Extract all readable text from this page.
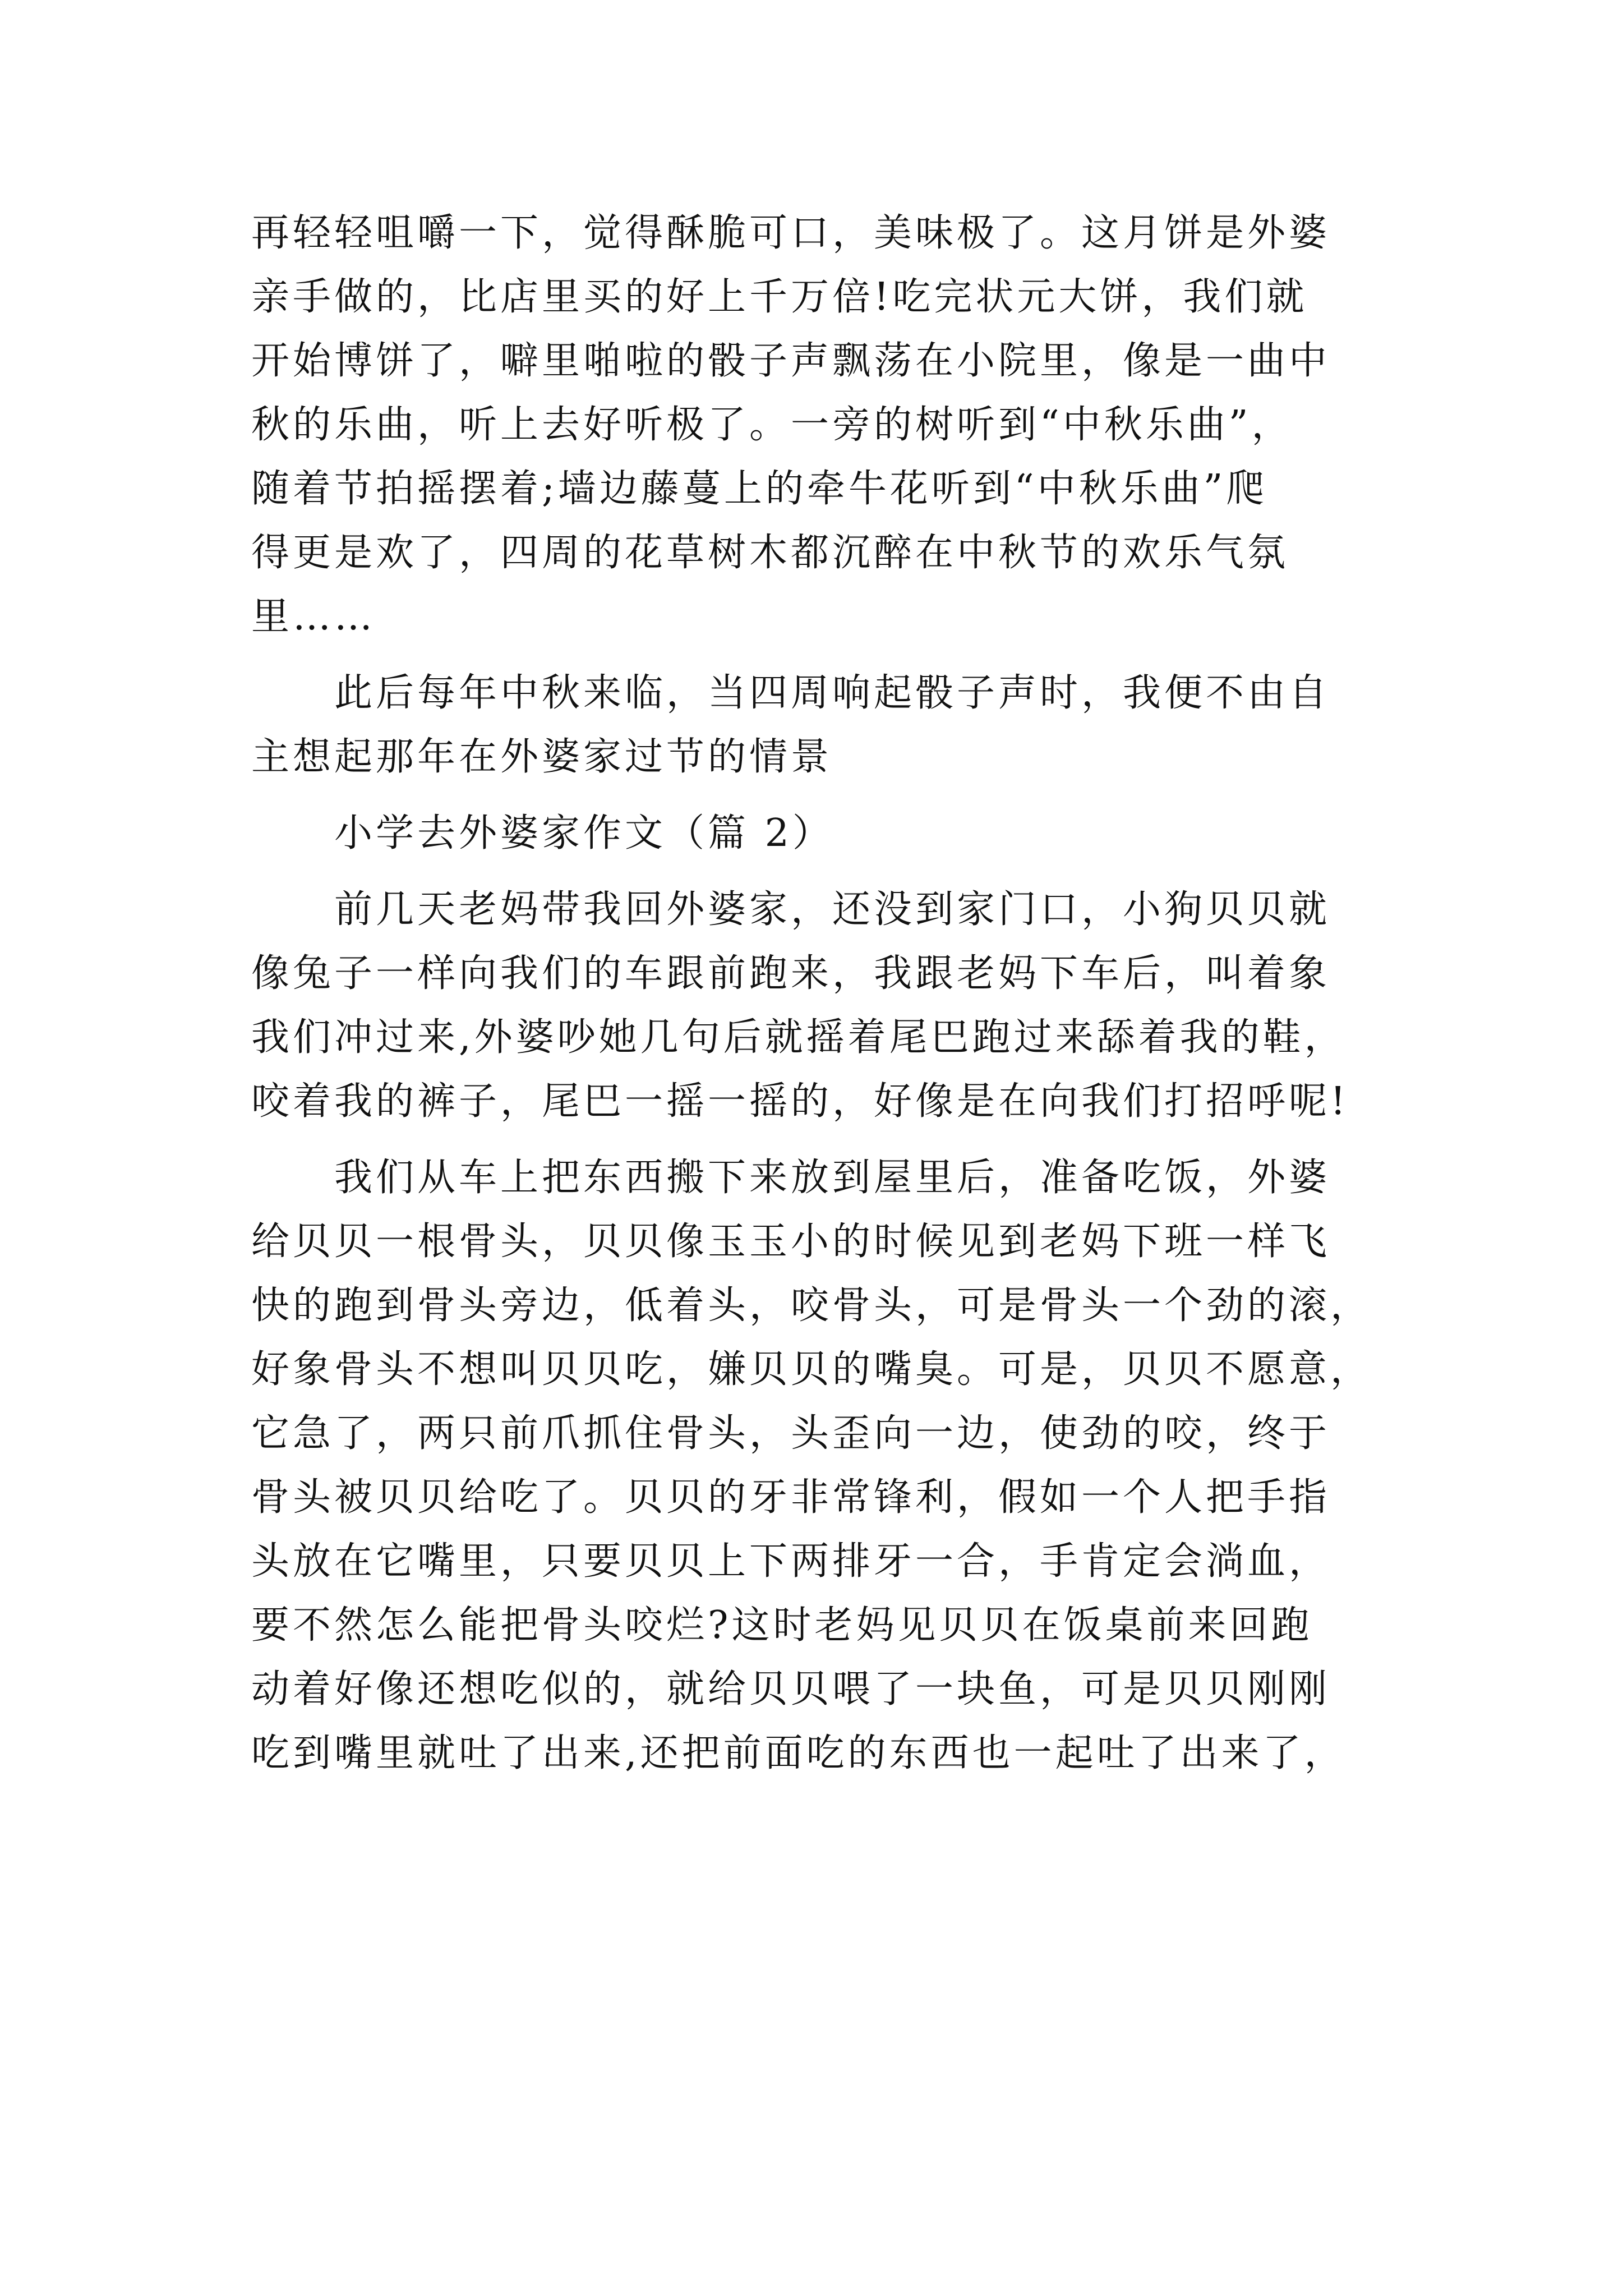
再轻轻咀嚼一下，觉得酥脆可口，美味极了。这月饼是外婆
亲手做的，比店里买的好上千万倍!吃完状元大饼，我们就
开始博饼了，噼里啪啦的骰子声飘荡在小院里，像是一曲中
秋的乐曲，听上去好听极了。一旁的树听到“中秋乐曲”，
随着节拍摇摆着;墙边藤蔓上的牵牛花听到“中秋乐曲”爬
得更是欢了，四周的花草树木都沉醉在中秋节的欢乐气氛
里……
此后每年中秋来临，当四周响起骰子声时，我便不由自
主想起那年在外婆家过节的情景
小学去外婆家作文（篇 2）
前几天老妈带我回外婆家，还没到家门口，小狗贝贝就
像兔子一样向我们的车跟前跑来，我跟老妈下车后，叫着象
我们冲过来,外婆吵她几句后就摇着尾巴跑过来舔着我的鞋，
咬着我的裤子，尾巴一摇一摇的，好像是在向我们打招呼呢!
我们从车上把东西搬下来放到屋里后，准备吃饭，外婆
给贝贝一根骨头，贝贝像玉玉小的时候见到老妈下班一样飞
快的跑到骨头旁边，低着头，咬骨头，可是骨头一个劲的滚，
好象骨头不想叫贝贝吃，嫌贝贝的嘴臭。可是，贝贝不愿意，
它急了，两只前爪抓住骨头，头歪向一边，使劲的咬，终于
骨头被贝贝给吃了。贝贝的牙非常锋利，假如一个人把手指
头放在它嘴里，只要贝贝上下两排牙一合，手肯定会淌血，
要不然怎么能把骨头咬烂?这时老妈见贝贝在饭桌前来回跑
动着好像还想吃似的，就给贝贝喂了一块鱼，可是贝贝刚刚
吃到嘴里就吐了出来,还把前面吃的东西也一起吐了出来了，
